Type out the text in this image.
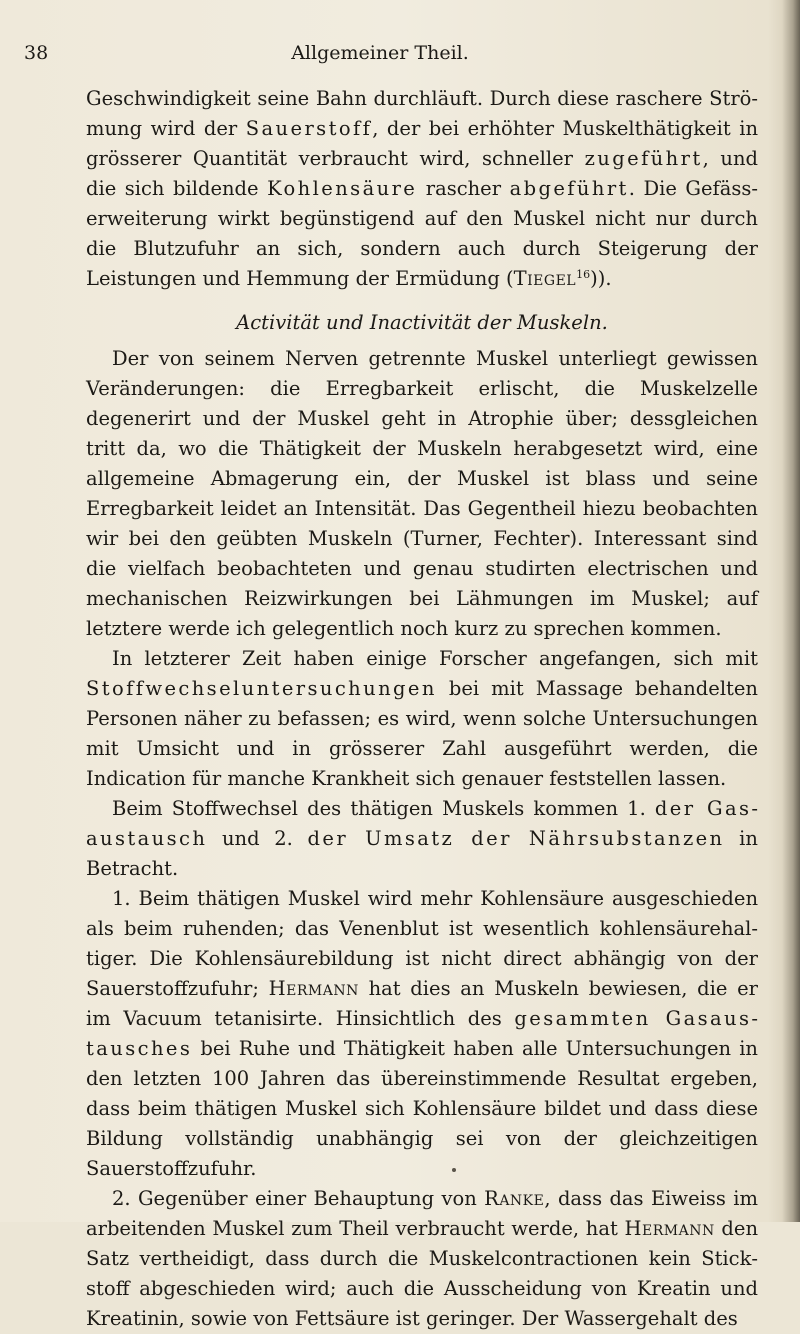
38	Allgemeiner Theil.

Geschwindigkeit seine Bahn durchläuft. Durch diese raschere Strömung wird der Sauerstoff, der bei erhöhter Muskelthätigkeit in grösserer Quantität verbraucht wird, schneller zugeführt, und die sich bildende Kohlensäure rascher abgeführt. Die Gefässerweiterung wirkt begünstigend auf den Muskel nicht nur durch die Blutzufuhr an sich, sondern auch durch Steigerung der Leistungen und Hemmung der Ermüdung (Tiegel$^{16}$)).

Activität und Inactivität der Muskeln.

Der von seinem Nerven getrennte Muskel unterliegt gewissen Veränderungen: die Erregbarkeit erlischt, die Muskelzelle degenerirt und der Muskel geht in Atrophie über; dessgleichen tritt da, wo die Thätigkeit der Muskeln herabgesetzt wird, eine allgemeine Abmagerung ein, der Muskel ist blass und seine Erregbarkeit leidet an Intensität. Das Gegentheil hiezu beobachten wir bei den geübten Muskeln (Turner, Fechter). Interessant sind die vielfach beobachteten und genau studirten electrischen und mechanischen Reizwirkungen bei Lähmungen im Muskel; auf letztere werde ich gelegentlich noch kurz zu sprechen kommen.

In letzterer Zeit haben einige Forscher angefangen, sich mit Stoffwechseluntersuchungen bei mit Massage behandelten Personen näher zu befassen; es wird, wenn solche Untersuchungen mit Umsicht und in grösserer Zahl ausgeführt werden, die Indication für manche Krankheit sich genauer feststellen lassen.

Beim Stoffwechsel des thätigen Muskels kommen 1. der Gasaustausch und 2. der Umsatz der Nährsubstanzen in Betracht.

1. Beim thätigen Muskel wird mehr Kohlensäure ausgeschieden als beim ruhenden; das Venenblut ist wesentlich kohlensäurehaltiger. Die Kohlensäurebildung ist nicht direct abhängig von der Sauerstoffzufuhr; Hermann hat dies an Muskeln bewiesen, die er im Vacuum tetanisirte. Hinsichtlich des gesammten Gasaustausches bei Ruhe und Thätigkeit haben alle Untersuchungen in den letzten 100 Jahren das übereinstimmende Resultat ergeben, dass beim thätigen Muskel sich Kohlensäure bildet und dass diese Bildung vollständig unabhängig sei von der gleichzeitigen Sauerstoffzufuhr.

2. Gegenüber einer Behauptung von Ranke, dass das Eiweiss im arbeitenden Muskel zum Theil verbraucht werde, hat Hermann den Satz vertheidigt, dass durch die Muskelcontractionen kein Stickstoff abgeschieden wird; auch die Ausscheidung von Kreatin und Kreatinin, sowie von Fettsäure ist geringer. Der Wassergehalt des
